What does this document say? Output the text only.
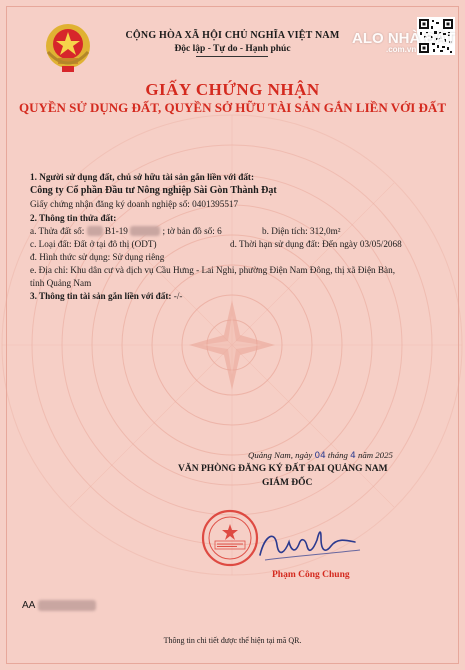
ALO NHÀ ĐẤT
.com.vn
CỘNG HÒA XÃ HỘI CHỦ NGHĨA VIỆT NAM
Độc lập - Tự do - Hạnh phúc
GIẤY CHỨNG NHẬN
QUYỀN SỬ DỤNG ĐẤT, QUYỀN SỞ HỮU TÀI SẢN GẮN LIỀN VỚI ĐẤT
1. Người sử dụng đất, chủ sở hữu tài sản gắn liền với đất:
Công ty Cổ phần Đầu tư Nông nghiệp Sài Gòn Thành Đạt
Giấy chứng nhận đăng ký doanh nghiệp số: 0401395517
2. Thông tin thửa đất:
a. Thửa đất số: B1-19	; tờ bản đồ số: 6	b. Diện tích: 312,0m²
c. Loại đất: Đất ở tại đô thị (ODT)	d. Thời hạn sử dụng đất: Đến ngày 03/05/2068
đ. Hình thức sử dụng: Sử dụng riêng
e. Địa chỉ: Khu dân cư và dịch vụ Cầu Hưng - Lai Nghi, phường Điện Nam Đông, thị xã Điện Bàn,
tỉnh Quảng Nam
3. Thông tin tài sản gắn liền với đất: -/-
Quảng Nam, ngày 04 tháng 4 năm 2025
VĂN PHÒNG ĐĂNG KÝ ĐẤT ĐAI QUẢNG NAM
GIÁM ĐỐC
Phạm Công Chung
AA
Thông tin chi tiết được thể hiện tại mã QR.
